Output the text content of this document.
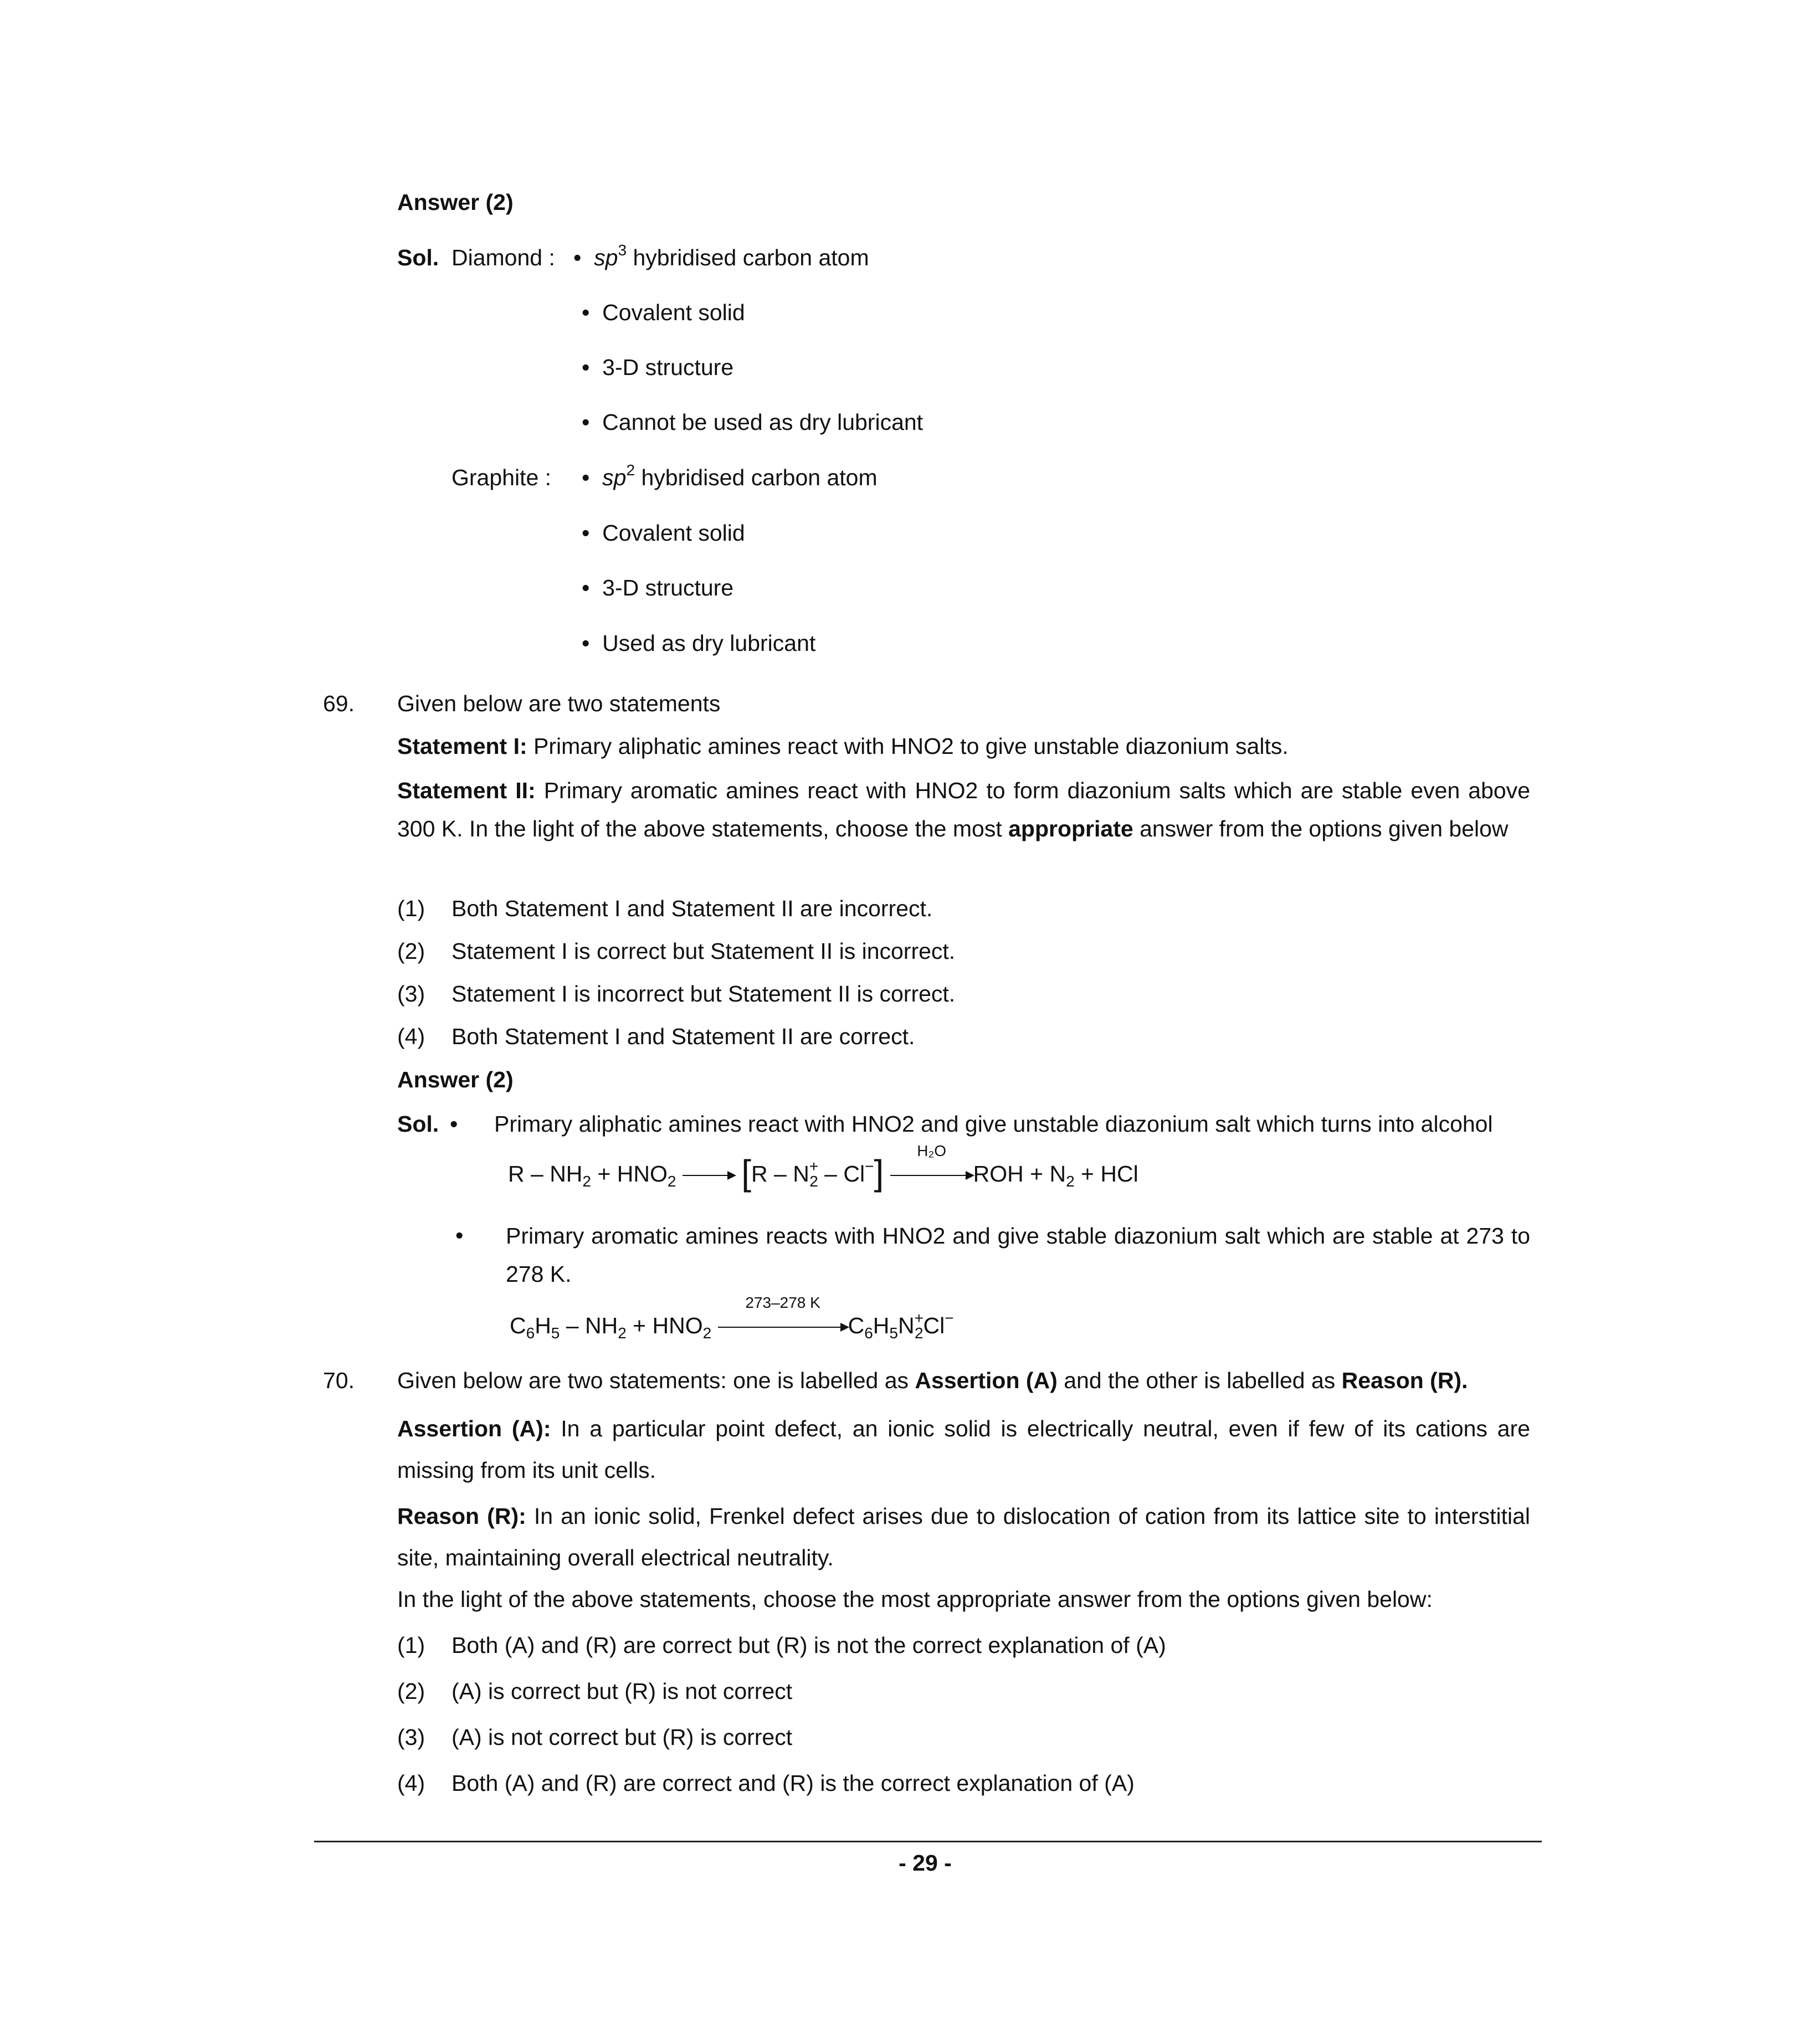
Answer (2)
Sol. Diamond : •	$sp^3$ hybridised carbon atom
•   Covalent solid
•   3-D structure
•   Cannot be used as dry lubricant
Graphite : •	$sp^2$ hybridised carbon atom
•   Covalent solid
•   3-D structure
•   Used as dry lubricant
69. Given below are two statements
Statement I: Primary aliphatic amines react with HNO2 to give unstable diazonium salts.
Statement II: Primary aromatic amines react with HNO2 to form diazonium salts which are stable even above 300 K. In the light of the above statements, choose the most appropriate answer from the options given below
(1) Both Statement I and Statement II are incorrect.
(2) Statement I is correct but Statement II is incorrect.
(3) Statement I is incorrect but Statement II is correct.
(4) Both Statement I and Statement II are correct.
Answer (2)
Sol. • Primary aliphatic amines react with HNO2 and give unstable diazonium salt which turns into alcohol
$R - NH_2 + HNO_2 \to [R - N^+_2 - Cl^-]$
H₂O
ROH + $N_2$ + HCl
•
Primary aromatic amines reacts with HNO2 and give stable diazonium salt which are stable at 273 to 278 K.
$C_6H_5 - NH_2 + HNO_2$
273–278 K
$C_6H_5N^+_2Cl^-$
70. Given below are two statements: one is labelled as Assertion (A) and the other is labelled as Reason (R).
Assertion (A): In a particular point defect, an ionic solid is electrically neutral, even if few of its cations are missing from its unit cells.
Reason (R): In an ionic solid, Frenkel defect arises due to dislocation of cation from its lattice site to interstitial site, maintaining overall electrical neutrality.
In the light of the above statements, choose the most appropriate answer from the options given below:
(1) Both (A) and (R) are correct but (R) is not the correct explanation of (A)
(2) (A) is correct but (R) is not correct
(3) (A) is not correct but (R) is correct
(4) Both (A) and (R) are correct and (R) is the correct explanation of (A)
- 29 -
